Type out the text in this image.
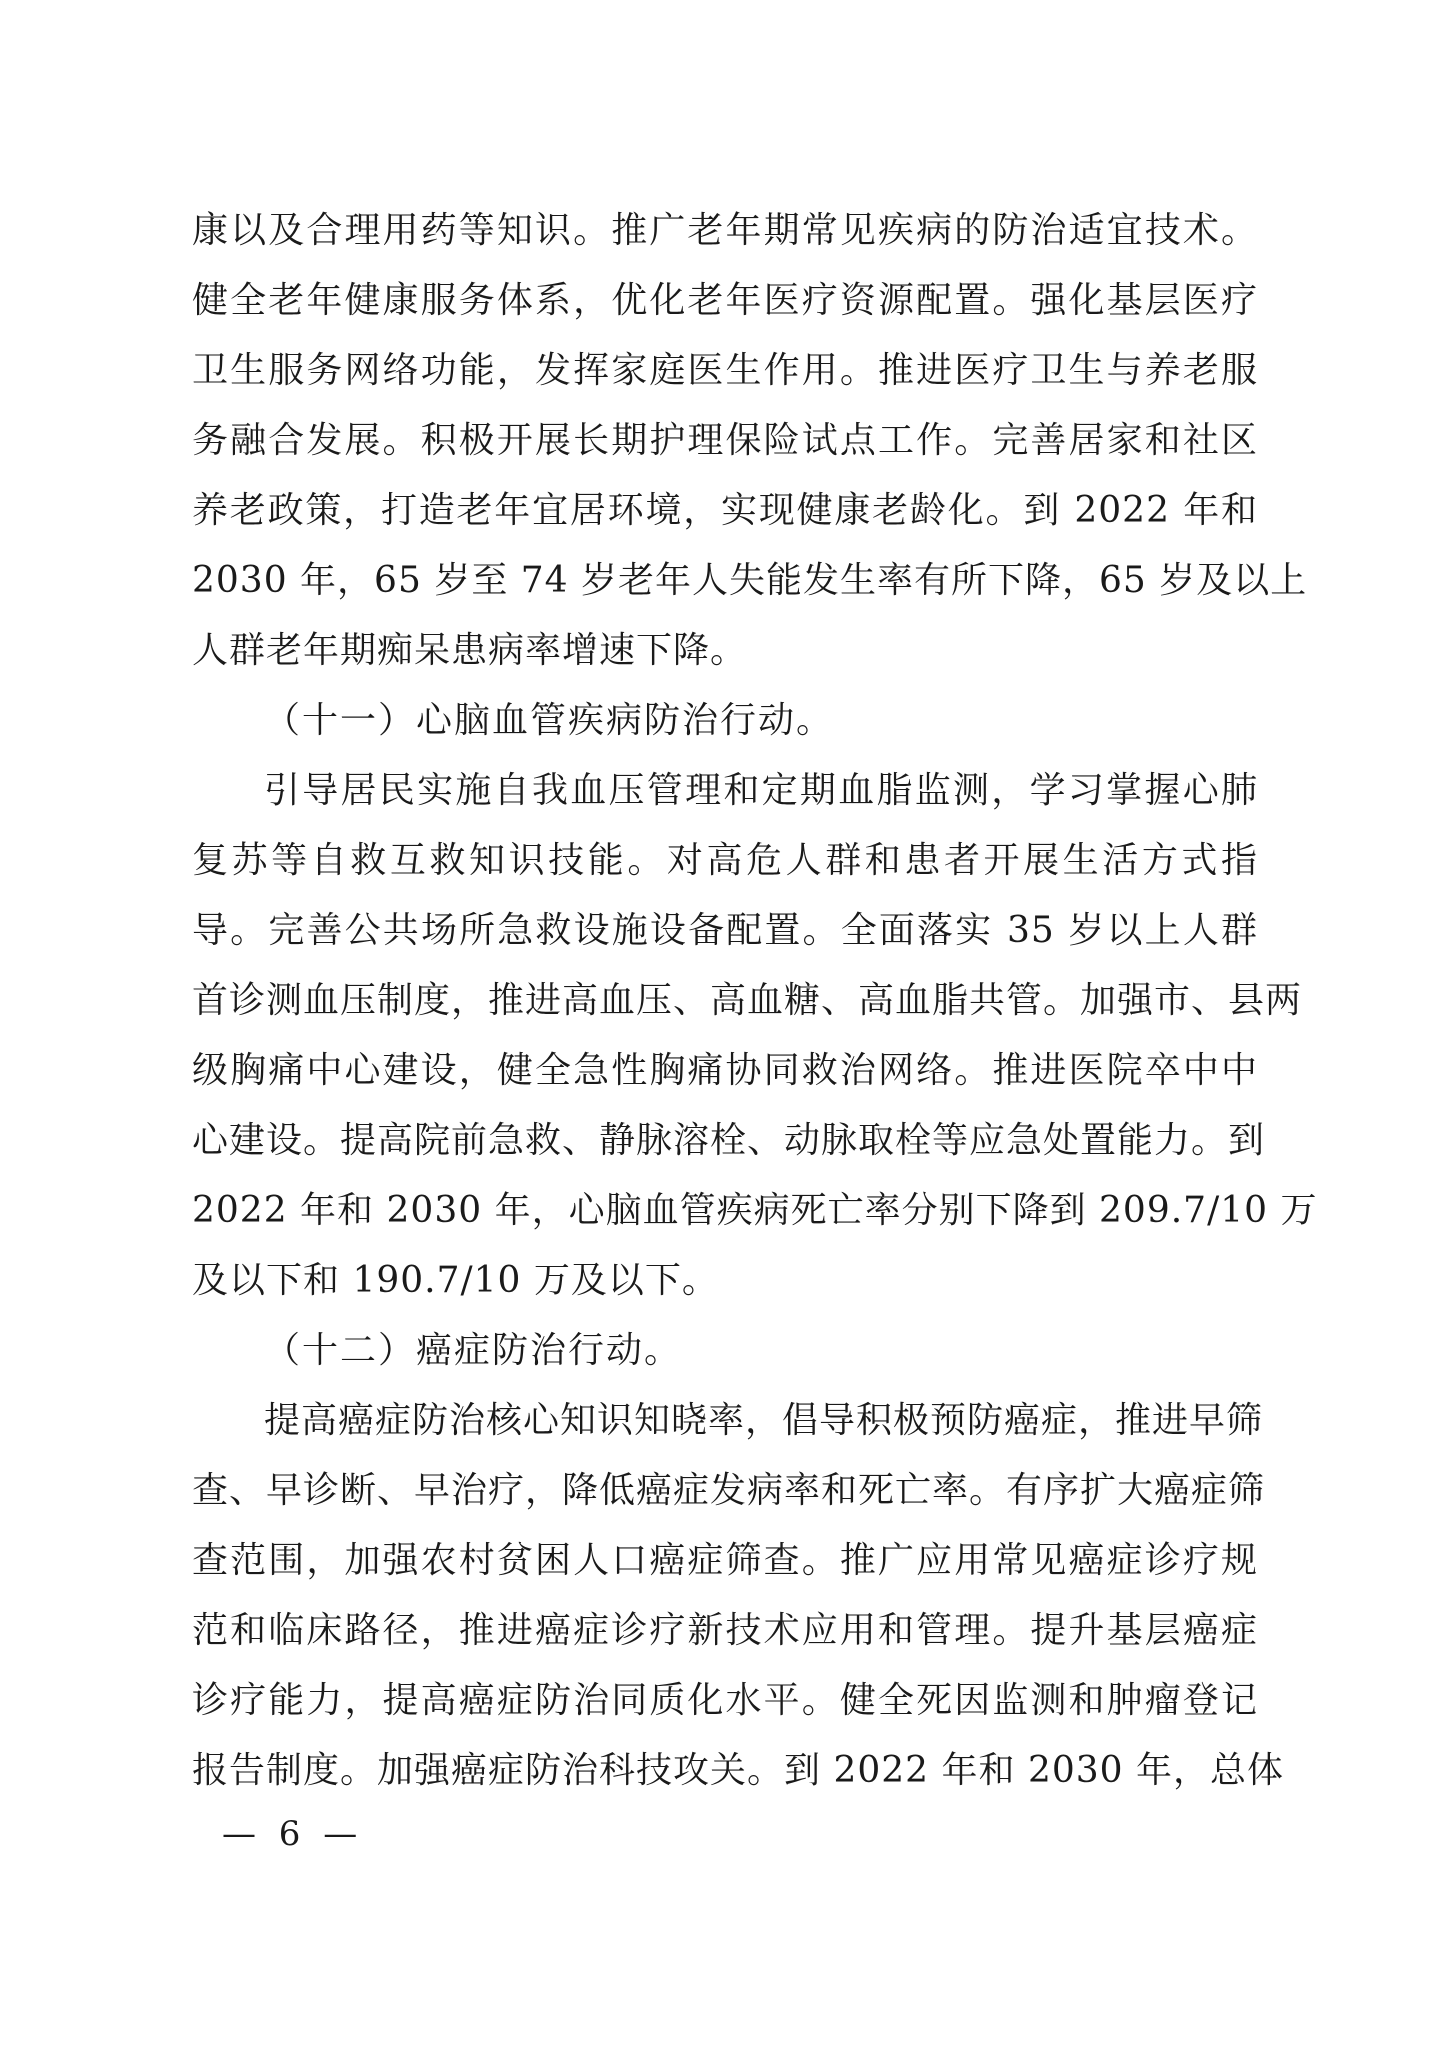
康以及合理用药等知识。推广老年期常见疾病的防治适宜技术。
健全老年健康服务体系，优化老年医疗资源配置。强化基层医疗
卫生服务网络功能，发挥家庭医生作用。推进医疗卫生与养老服
务融合发展。积极开展长期护理保险试点工作。完善居家和社区
养老政策，打造老年宜居环境，实现健康老龄化。到 2022 年和
2030 年，65 岁至 74 岁老年人失能发生率有所下降，65 岁及以上
人群老年期痴呆患病率增速下降。
（十一）心脑血管疾病防治行动。
引导居民实施自我血压管理和定期血脂监测，学习掌握心肺
复苏等自救互救知识技能。对高危人群和患者开展生活方式指
导。完善公共场所急救设施设备配置。全面落实 35 岁以上人群
首诊测血压制度，推进高血压、高血糖、高血脂共管。加强市、县两
级胸痛中心建设，健全急性胸痛协同救治网络。推进医院卒中中
心建设。提高院前急救、静脉溶栓、动脉取栓等应急处置能力。到
2022 年和 2030 年，心脑血管疾病死亡率分别下降到 209.7/10 万
及以下和 190.7/10 万及以下。
（十二）癌症防治行动。
提高癌症防治核心知识知晓率，倡导积极预防癌症，推进早筛
查、早诊断、早治疗，降低癌症发病率和死亡率。有序扩大癌症筛
查范围，加强农村贫困人口癌症筛查。推广应用常见癌症诊疗规
范和临床路径，推进癌症诊疗新技术应用和管理。提升基层癌症
诊疗能力，提高癌症防治同质化水平。健全死因监测和肿瘤登记
报告制度。加强癌症防治科技攻关。到 2022 年和 2030 年，总体
— 6 —
